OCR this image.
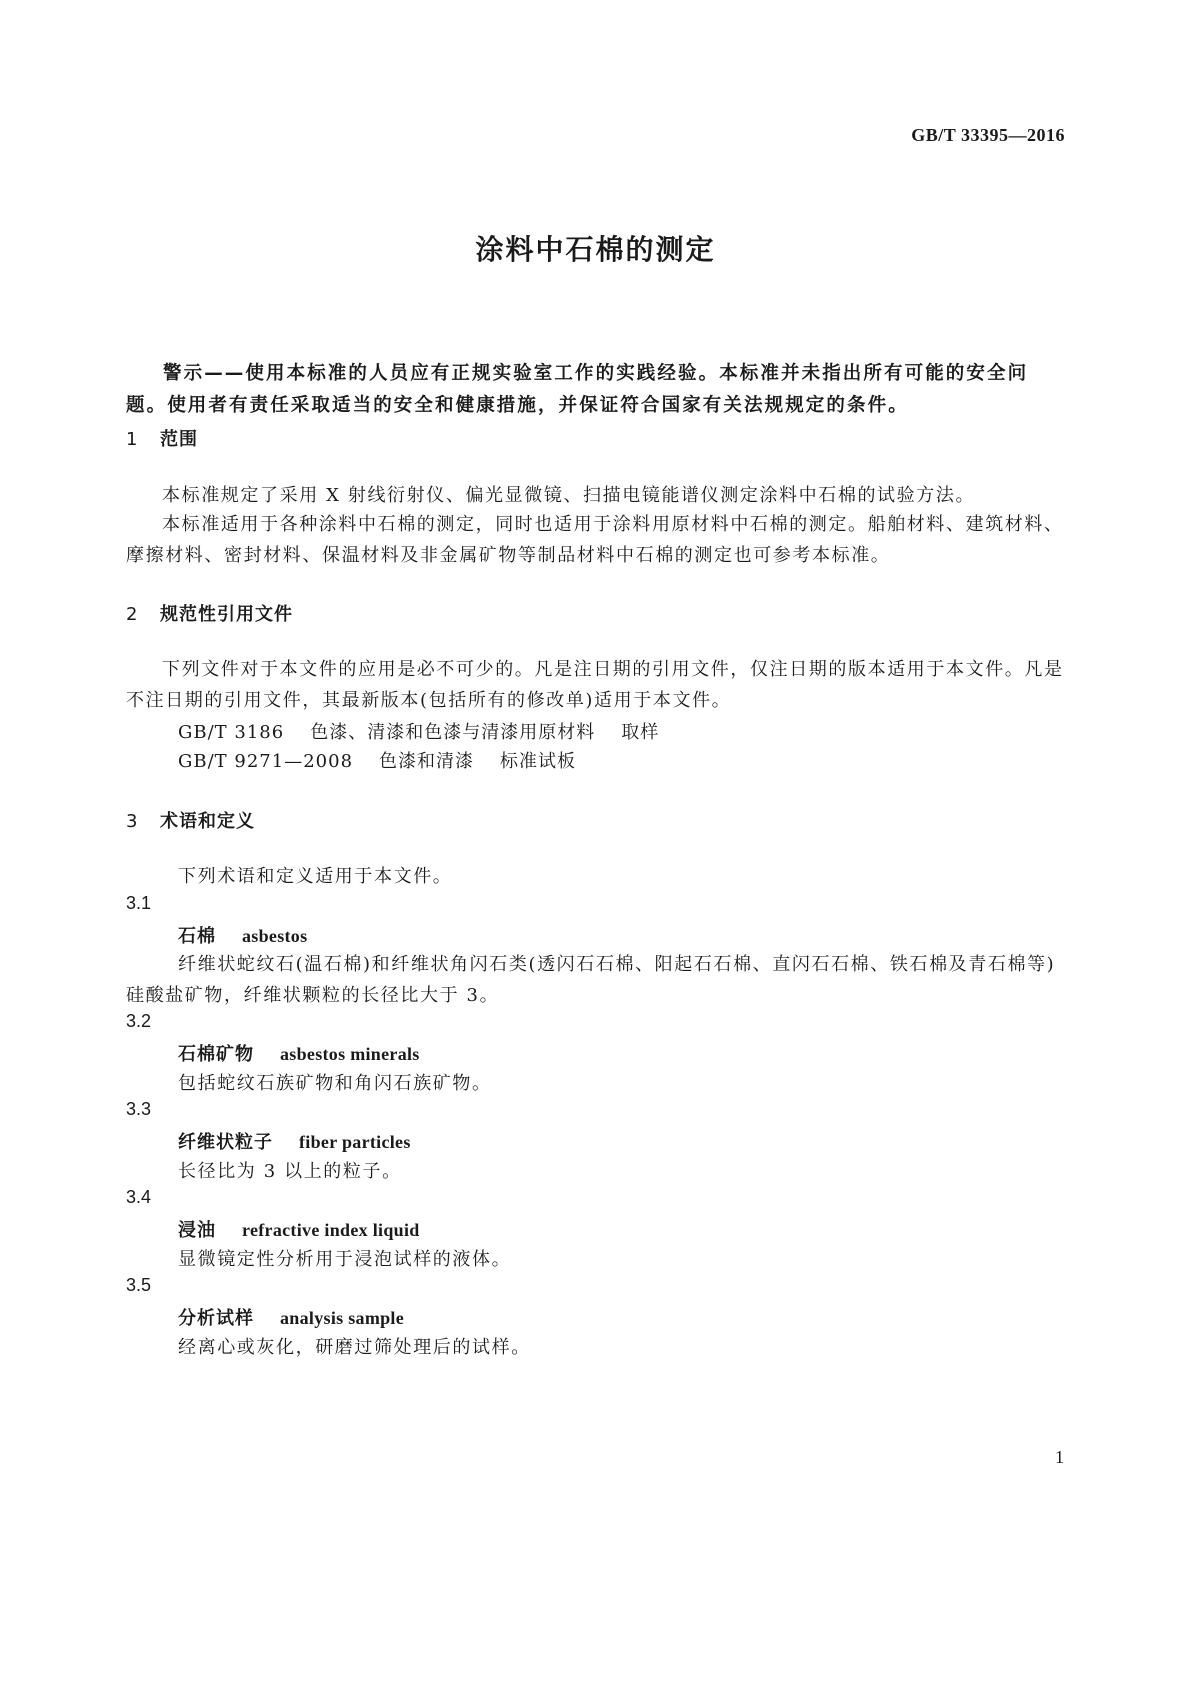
GB/T 33395—2016
涂料中石棉的测定
警示——使用本标准的人员应有正规实验室工作的实践经验。本标准并未指出所有可能的安全问题。使用者有责任采取适当的安全和健康措施，并保证符合国家有关法规规定的条件。
1 范围
本标准规定了采用 X 射线衍射仪、偏光显微镜、扫描电镜能谱仪测定涂料中石棉的试验方法。
本标准适用于各种涂料中石棉的测定，同时也适用于涂料用原材料中石棉的测定。船舶材料、建筑材料、摩擦材料、密封材料、保温材料及非金属矿物等制品材料中石棉的测定也可参考本标准。
2 规范性引用文件
下列文件对于本文件的应用是必不可少的。凡是注日期的引用文件，仅注日期的版本适用于本文件。凡是不注日期的引用文件，其最新版本(包括所有的修改单)适用于本文件。
GB/T 3186 色漆、清漆和色漆与清漆用原材料 取样
GB/T 9271—2008 色漆和清漆 标准试板
3 术语和定义
下列术语和定义适用于本文件。
3.1
石棉 asbestos
纤维状蛇纹石(温石棉)和纤维状角闪石类(透闪石石棉、阳起石石棉、直闪石石棉、铁石棉及青石棉等)硅酸盐矿物，纤维状颗粒的长径比大于 3。
3.2
石棉矿物 asbestos minerals
包括蛇纹石族矿物和角闪石族矿物。
3.3
纤维状粒子 fiber particles
长径比为 3 以上的粒子。
3.4
浸油 refractive index liquid
显微镜定性分析用于浸泡试样的液体。
3.5
分析试样 analysis sample
经离心或灰化，研磨过筛处理后的试样。
1
